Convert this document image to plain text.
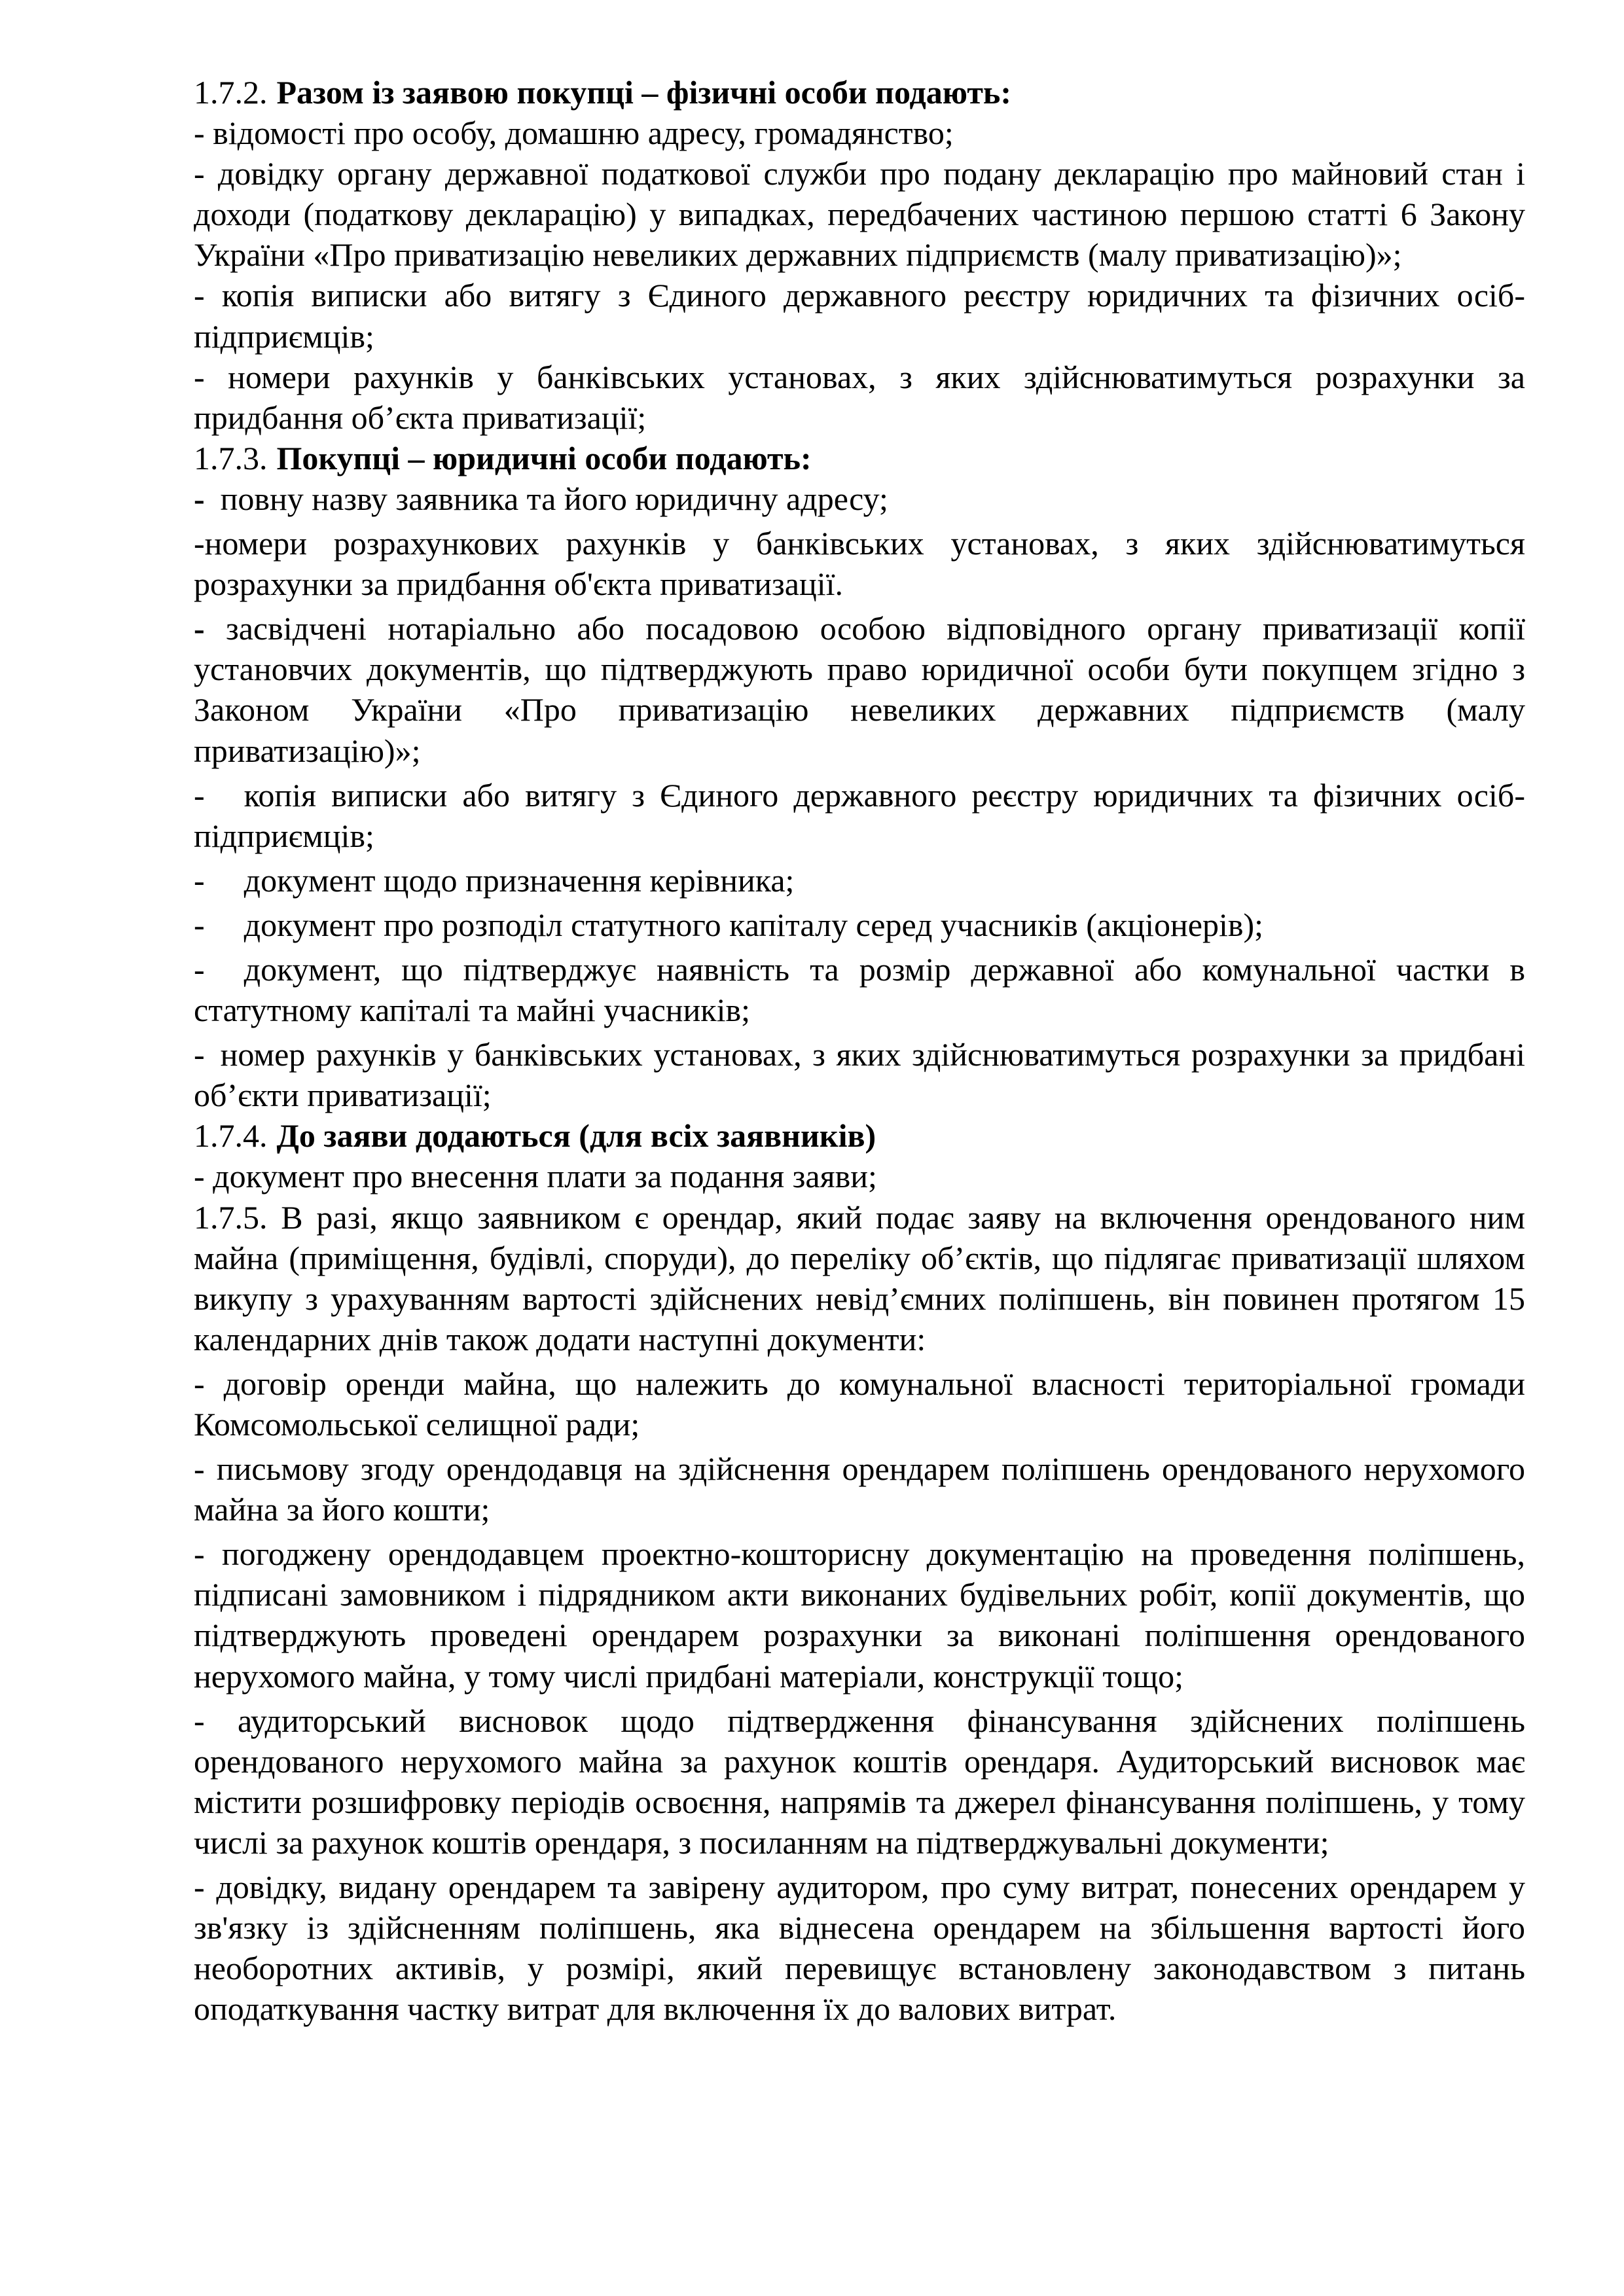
1.7.2. Разом із заявою покупці – фізичні особи подають:

- відомості про особу, домашню адресу, громадянство;

- довідку органу державної податкової служби про подану декларацію про майновий стан і доходи (податкову декларацію) у випадках, передбачених частиною першою статті 6 Закону України «Про приватизацію невеликих державних підприємств (малу приватизацію)»;

- копія виписки або витягу з Єдиного державного реєстру юридичних та фізичних осіб-підприємців;

- номери рахунків у банківських установах, з яких здійснюватимуться розрахунки за придбання об’єкта приватизації;

1.7.3. Покупці – юридичні особи подають:

- повну назву заявника та його юридичну адресу;

-номери розрахункових рахунків у банківських установах, з яких здійснюватимуться розрахунки за придбання об'єкта приватизації.

- засвідчені нотаріально або посадовою особою відповідного органу приватизації копії установчих документів, що підтверджують право юридичної особи бути покупцем згідно з Законом України «Про приватизацію невеликих державних підприємств (малу приватизацію)»;

- копія виписки або витягу з Єдиного державного реєстру юридичних та фізичних осіб-підприємців;

- документ щодо призначення керівника;

- документ про розподіл статутного капіталу серед учасників (акціонерів);

- документ, що підтверджує наявність та розмір державної або комунальної частки в статутному капіталі та майні учасників;

- номер рахунків у банківських установах, з яких здійснюватимуться розрахунки за придбані об’єкти приватизації;

1.7.4. До заяви додаються (для всіх заявників)

- документ про внесення плати за подання заяви;

1.7.5. В разі, якщо заявником є орендар, який подає заяву на включення орендованого ним майна (приміщення, будівлі, споруди), до переліку об’єктів, що підлягає приватизації шляхом викупу з урахуванням вартості здійснених невід’ємних поліпшень, він повинен протягом 15 календарних днів також додати наступні документи:

- договір оренди майна, що належить до комунальної власності територіальної громади Комсомольської селищної ради;

- письмову згоду орендодавця на здійснення орендарем поліпшень орендованого нерухомого майна за його кошти;

- погоджену орендодавцем проектно-кошторисну документацію на проведення поліпшень, підписані замовником і підрядником акти виконаних будівельних робіт, копії документів, що підтверджують проведені орендарем розрахунки за виконані поліпшення орендованого нерухомого майна, у тому числі придбані матеріали, конструкції тощо;

- аудиторський висновок щодо підтвердження фінансування здійснених поліпшень орендованого нерухомого майна за рахунок коштів орендаря. Аудиторський висновок має містити розшифровку періодів освоєння, напрямів та джерел фінансування поліпшень, у тому числі за рахунок коштів орендаря, з посиланням на підтверджувальні документи;

- довідку, видану орендарем та завірену аудитором, про суму витрат, понесених орендарем у зв'язку із здійсненням поліпшень, яка віднесена орендарем на збільшення вартості його необоротних активів, у розмірі, який перевищує встановлену законодавством з питань оподаткування частку витрат для включення їх до валових витрат.
